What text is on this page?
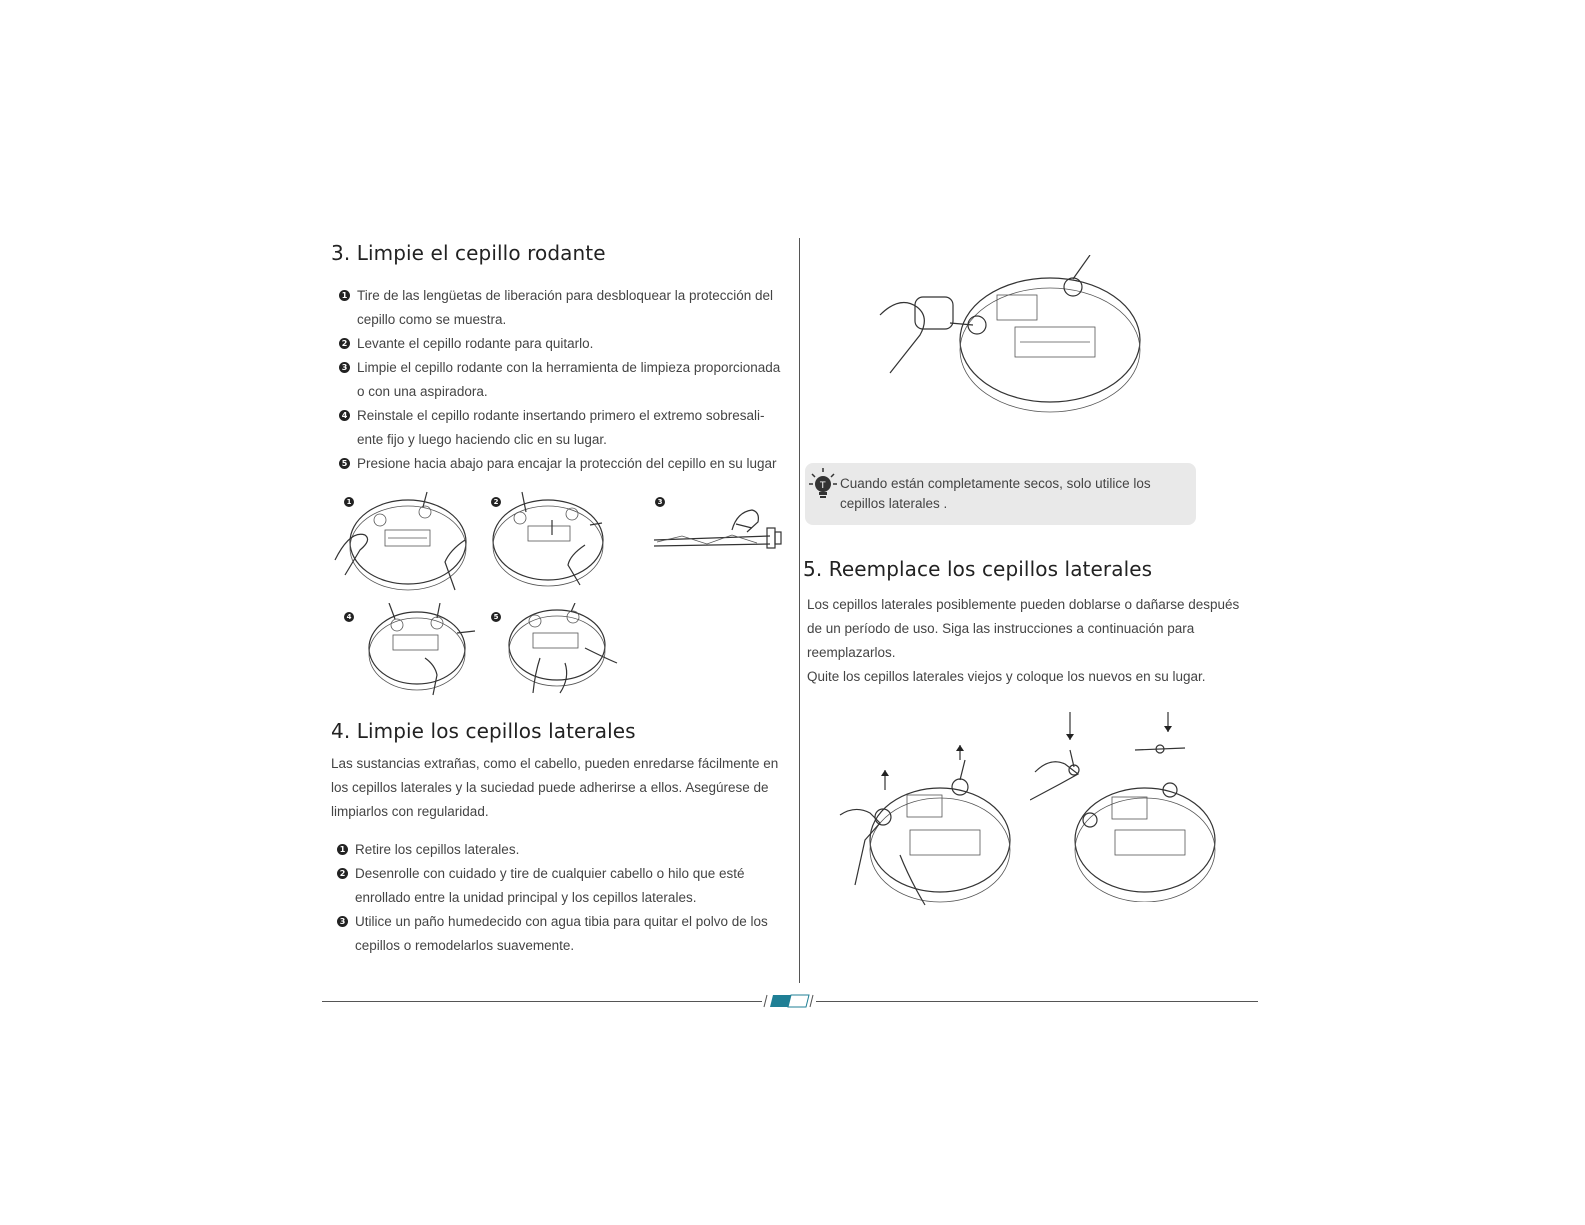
3. Limpie el cepillo rodante
1 Tire de las lengüetas de liberación para desbloquear la protección del
cepillo como se muestra.
2 Levante el cepillo rodante para quitarlo.
3 Limpie el cepillo rodante con la herramienta de limpieza proporcionada
o con una aspiradora.
4 Reinstale el cepillo rodante insertando primero el extremo sobresali-
ente fijo y luego haciendo clic en su lugar.
5 Presione hacia abajo para encajar la protección del cepillo en su lugar
1	2	3
4	5
4. Limpie los cepillos laterales
Las sustancias extrañas, como el cabello, pueden enredarse fácilmente en
los cepillos laterales y la suciedad puede adherirse a ellos. Asegúrese de
limpiarlos con regularidad.
1 Retire los cepillos laterales.
2 Desenrolle con cuidado y tire de cualquier cabello o hilo que esté
enrollado entre la unidad principal y los cepillos laterales.
3 Utilice un paño humedecido con agua tibia para quitar el polvo de los
cepillos o remodelarlos suavemente.
T Cuando están completamente secos, solo utilice los
cepillos laterales .
5. Reemplace los cepillos laterales
Los cepillos laterales posiblemente pueden doblarse o dañarse después
de un período de uso. Siga las instrucciones a continuación para
reemplazarlos.
Quite los cepillos laterales viejos y coloque los nuevos en su lugar.
